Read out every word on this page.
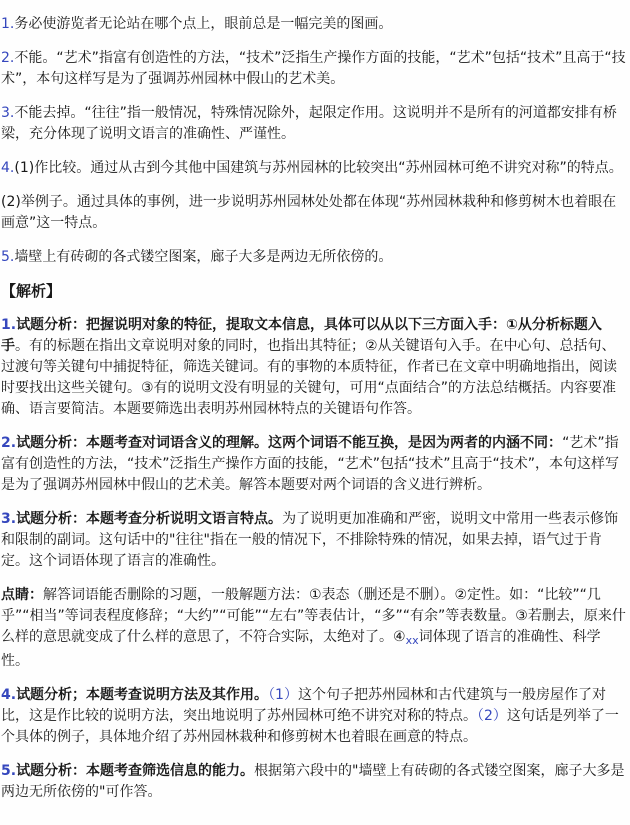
1.务必使游览者无论站在哪个点上，眼前总是一幅完美的图画。

2.不能。“艺术”指富有创造性的方法，“技术”泛指生产操作方面的技能，“艺术”包括“技术”且高于“技术”，本句这样写是为了强调苏州园林中假山的艺术美。

3.不能去掉。“往往”指一般情况，特殊情况除外，起限定作用。这说明并不是所有的河道都安排有桥梁，充分体现了说明文语言的准确性、严谨性。

4.(1)作比较。通过从古到今其他中国建筑与苏州园林的比较突出“苏州园林可绝不讲究对称”的特点。

(2)举例子。通过具体的事例，进一步说明苏州园林处处都在体现“苏州园林栽种和修剪树木也着眼在画意”这一特点。

5.墙壁上有砖砌的各式镂空图案，廊子大多是两边无所依傍的。

【解析】

1.试题分析：把握说明对象的特征，提取文本信息，具体可以从以下三方面入手：①从分析标题入手。有的标题在指出文章说明对象的同时，也指出其特征；②从关键语句入手。在中心句、总括句、过渡句等关键句中捕捉特征，筛选关键词。有的事物的本质特征，作者已在文章中明确地指出，阅读时要找出这些关键句。③有的说明文没有明显的关键句，可用“点面结合”的方法总结概括。内容要准确、语言要简洁。本题要筛选出表明苏州园林特点的关键语句作答。

2.试题分析：本题考查对词语含义的理解。这两个词语不能互换，是因为两者的内涵不同：“艺术”指富有创造性的方法，“技术”泛指生产操作方面的技能，“艺术”包括“技术”且高于“技术”，本句这样写是为了强调苏州园林中假山的艺术美。解答本题要对两个词语的含义进行辨析。

3.试题分析：本题考查分析说明文语言特点。为了说明更加准确和严密，说明文中常用一些表示修饰和限制的副词。这句话中的"往往"指在一般的情况下，不排除特殊的情况，如果去掉，语气过于肯定。这个词语体现了语言的准确性。

点睛：解答词语能否删除的习题，一般解题方法：①表态（删还是不删）。②定性。如：“比较”“几乎”“相当”等词表程度修辞；“大约”“可能”“左右”等表估计，“多”“有余”等表数量。③若删去，原来什么样的意思就变成了什么样的意思了，不符合实际，太绝对了。$④_{xx}$词体现了语言的准确性、科学性。

4.试题分析；本题考查说明方法及其作用。（1）这个句子把苏州园林和古代建筑与一般房屋作了对比，这是作比较的说明方法，突出地说明了苏州园林可绝不讲究对称的特点。（2）这句话是列举了一个具体的例子，具体地介绍了苏州园林栽种和修剪树木也着眼在画意的特点。

5.试题分析：本题考查筛选信息的能力。根据第六段中的"墙壁上有砖砌的各式镂空图案，廊子大多是两边无所依傍的"可作答。
